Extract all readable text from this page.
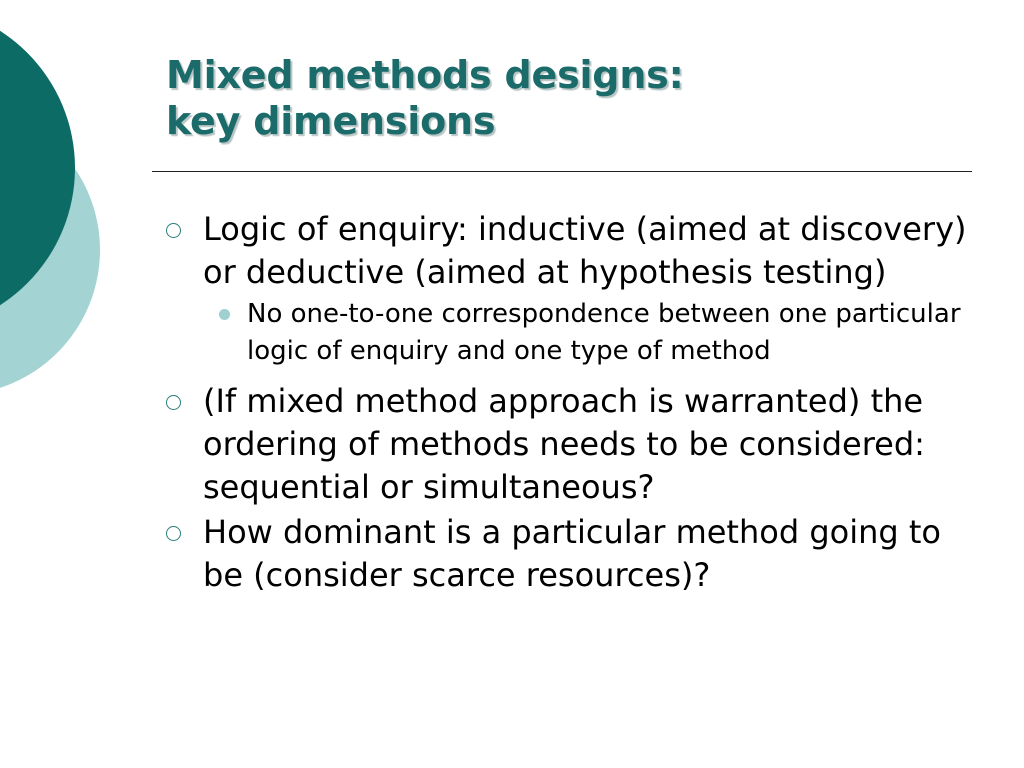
Mixed methods designs:
key dimensions
Logic of enquiry: inductive (aimed at discovery) or deductive (aimed at hypothesis testing)
No one-to-one correspondence between one particular logic of enquiry and one type of method
(If mixed method approach is warranted) the ordering of methods needs to be considered: sequential or simultaneous?
How dominant is a particular method going to be (consider scarce resources)?
